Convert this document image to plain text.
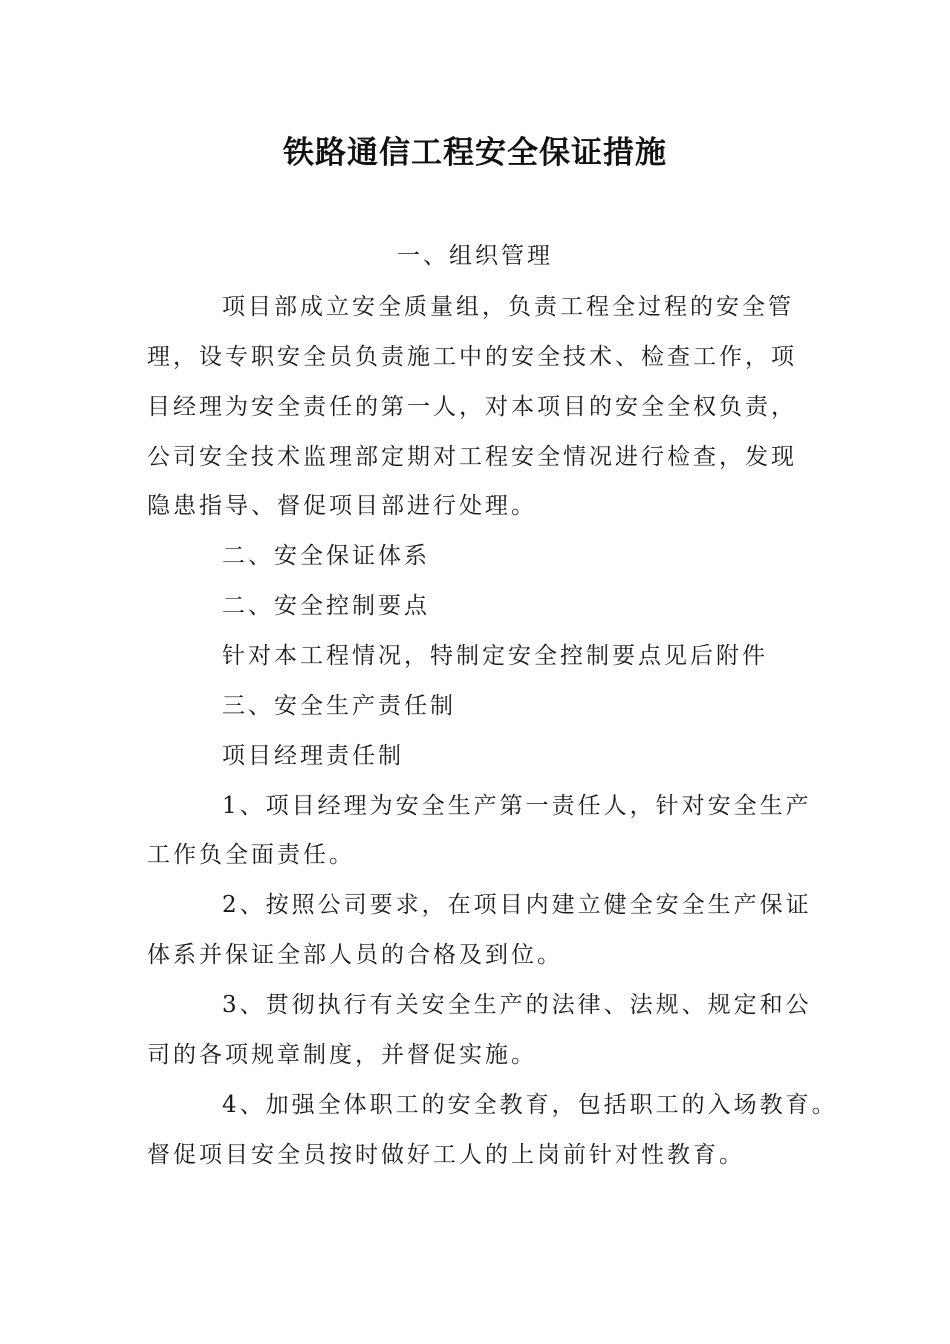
铁路通信工程安全保证措施
一、组织管理
项目部成立安全质量组，负责工程全过程的安全管
理，设专职安全员负责施工中的安全技术、检查工作，项
目经理为安全责任的第一人，对本项目的安全全权负责，
公司安全技术监理部定期对工程安全情况进行检查，发现
隐患指导、督促项目部进行处理。
二、安全保证体系
二、安全控制要点
针对本工程情况，特制定安全控制要点见后附件
三、安全生产责任制
项目经理责任制
1、项目经理为安全生产第一责任人，针对安全生产
工作负全面责任。
2、按照公司要求，在项目内建立健全安全生产保证
体系并保证全部人员的合格及到位。
3、贯彻执行有关安全生产的法律、法规、规定和公
司的各项规章制度，并督促实施。
4、加强全体职工的安全教育，包括职工的入场教育。
督促项目安全员按时做好工人的上岗前针对性教育。
